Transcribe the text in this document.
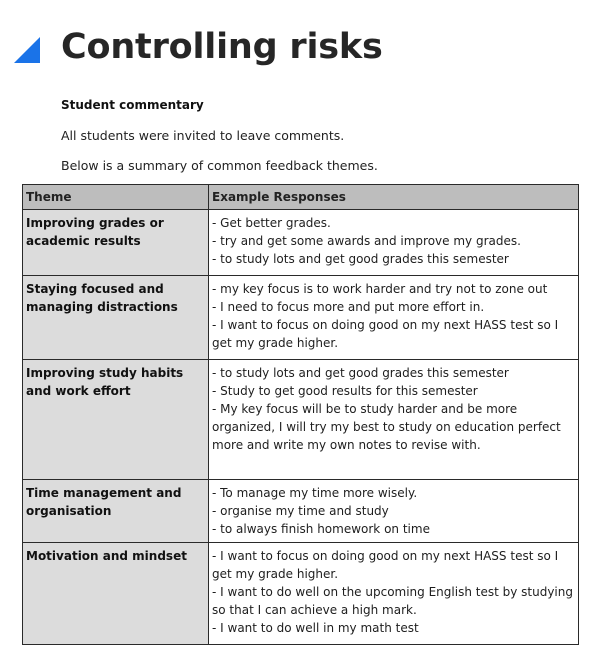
Controlling risks
Student commentary
All students were invited to leave comments.
Below is a summary of common feedback themes.
Theme	Example Responses
Improving grades or academic results	- Get better grades.
- try and get some awards and improve my grades.
- to study lots and get good grades this semester

Staying focused and managing distractions	- my key focus is to work harder and try not to zone out
- I need to focus more and put more effort in.
- I want to focus on doing good on my next HASS test so I get my grade higher.

Improving study habits and work effort	- to study lots and get good grades this semester
- Study to get good results for this semester
- My key focus will be to study harder and be more organized, I will try my best to study on education perfect more and write my own notes to revise with.

Time management and organisation	- To manage my time more wisely.
- organise my time and study
- to always finish homework on time

Motivation and mindset	- I want to focus on doing good on my next HASS test so I get my grade higher.
- I want to do well on the upcoming English test by studying so that I can achieve a high mark.
- I want to do well in my math test
